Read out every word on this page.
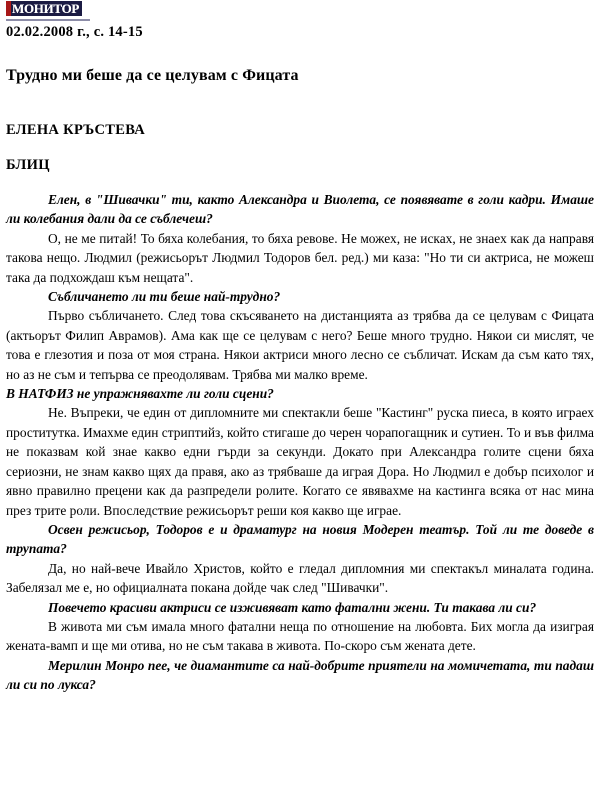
МОНИТОР
02.02.2008 г., с. 14-15
Трудно ми беше да се целувам с Фицата
ЕЛЕНА КРЪСТЕВА
БЛИЦ

Елен, в "Шивачки" ти, както Александра и Виолета, се появявате в голи кадри. Имаше ли колебания дали да се съблечеш?

О, не ме питай! То бяха колебания, то бяха ревове. Не можех, не исках, не знаех как да направя такова нещо. Людмил (режисьорът Людмил Тодоров бел. ред.) ми каза: "Но ти си актриса, не можеш така да подхождаш към нещата".

Събличането ли ти беше най-трудно?

Първо събличането. След това скъсяването на дистанцията аз трябва да се целувам с Фицата (актьорът Филип Аврамов). Ама как ще се целувам с него? Беше много трудно. Някои си мислят, че това е глезотия и поза от моя страна. Някои актриси много лесно се събличат. Искам да съм като тях, но аз не съм и тепърва се преодолявам. Трябва ми малко време.

В НАТФИЗ не упражнявахте ли голи сцени?

Не. Въпреки, че един от дипломните ми спектакли беше "Кастинг" руска пиеса, в която играех проститутка. Имахме един стриптийз, който стигаше до черен чорапогащник и сутиен. То и във филма не показвам кой знае какво едни гърди за секунди. Докато при Александра голите сцени бяха сериозни, не знам какво щях да правя, ако аз трябваше да играя Дора. Но Людмил е добър психолог и явно правилно прецени как да разпредели ролите. Когато се явявахме на кастинга всяка от нас мина през трите роли. Впоследствие режисьорът реши коя какво ще играе.

Освен режисьор, Тодоров е и драматург на новия Модерен театър. Той ли те доведе в трупата?

Да, но най-вече Ивайло Христов, който е гледал дипломния ми спектакъл миналата година. Забелязал ме е, но официалната покана дойде чак след "Шивачки".

Повечето красиви актриси се изживяват като фатални жени. Ти такава ли си?

В живота ми съм имала много фатални неща по отношение на любовта. Бих могла да изиграя жената-вамп и ще ми отива, но не съм такава в живота. По-скоро съм жената дете.

Мерилин Монро пее, че диамантите са най-добрите приятели на момичетата, ти падаш ли си по лукса?
